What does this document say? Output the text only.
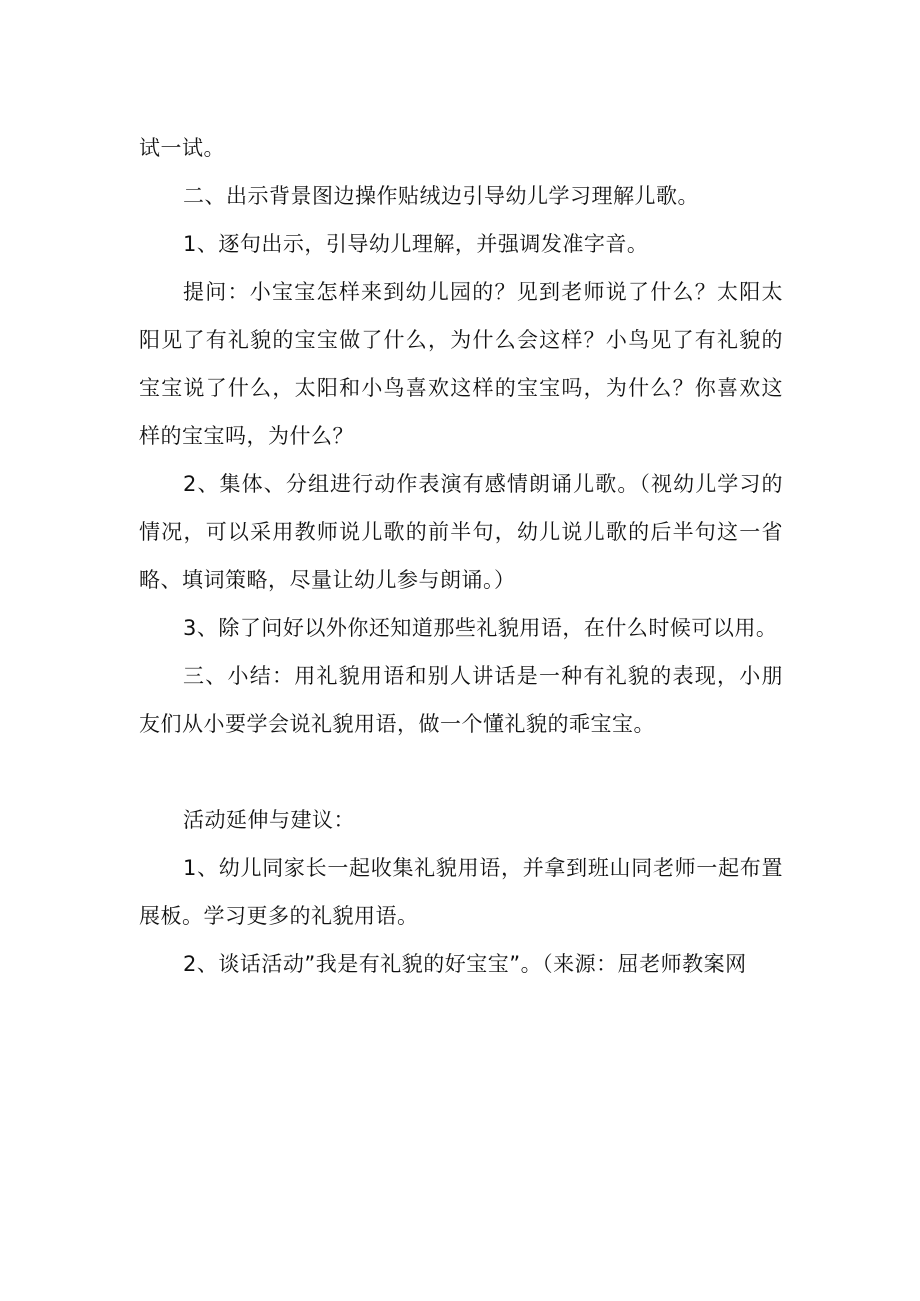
试一试。

二、出示背景图边操作贴绒边引导幼儿学习理解儿歌。

1、逐句出示，引导幼儿理解，并强调发准字音。

提问：小宝宝怎样来到幼儿园的？见到老师说了什么？太阳太阳见了有礼貌的宝宝做了什么，为什么会这样？小鸟见了有礼貌的宝宝说了什么，太阳和小鸟喜欢这样的宝宝吗，为什么？你喜欢这样的宝宝吗，为什么？

2、集体、分组进行动作表演有感情朗诵儿歌。（视幼儿学习的情况，可以采用教师说儿歌的前半句，幼儿说儿歌的后半句这一省略、填词策略，尽量让幼儿参与朗诵。）

3、除了问好以外你还知道那些礼貌用语，在什么时候可以用。

三、小结：用礼貌用语和别人讲话是一种有礼貌的表现，小朋友们从小要学会说礼貌用语，做一个懂礼貌的乖宝宝。

活动延伸与建议：

1、幼儿同家长一起收集礼貌用语，并拿到班山同老师一起布置展板。学习更多的礼貌用语。

2、谈话活动”我是有礼貌的好宝宝”。（来源：屈老师教案网
